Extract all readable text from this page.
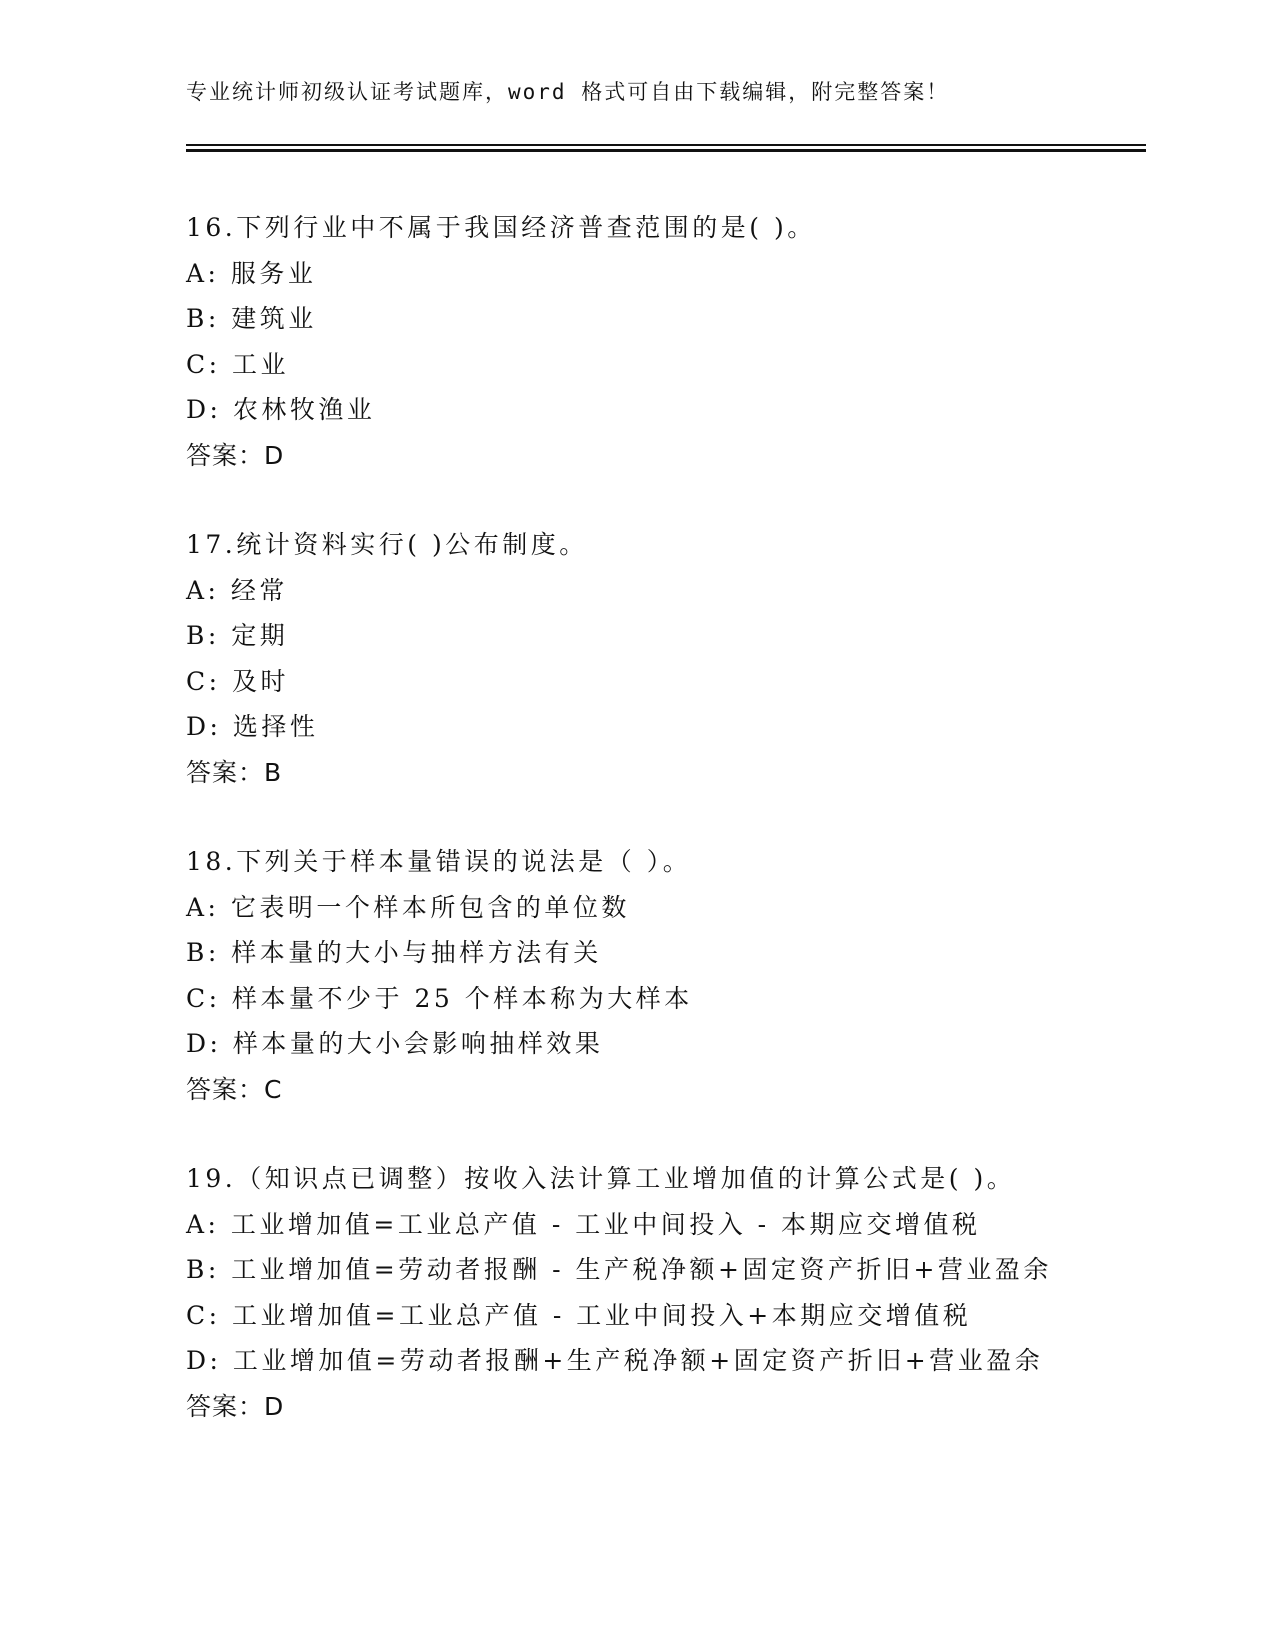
专业统计师初级认证考试题库，word 格式可自由下载编辑，附完整答案！
16.下列行业中不属于我国经济普查范围的是( )。
A: 服务业
B: 建筑业
C: 工业
D: 农林牧渔业
答案：D
17.统计资料实行( )公布制度。
A: 经常
B: 定期
C: 及时
D: 选择性
答案：B
18.下列关于样本量错误的说法是（ ）。
A: 它表明一个样本所包含的单位数
B: 样本量的大小与抽样方法有关
C: 样本量不少于 25 个样本称为大样本
D: 样本量的大小会影响抽样效果
答案：C
19.（知识点已调整）按收入法计算工业增加值的计算公式是( )。
A: 工业增加值=工业总产值 - 工业中间投入 - 本期应交增值税
B: 工业增加值=劳动者报酬 - 生产税净额+固定资产折旧+营业盈余
C: 工业增加值=工业总产值 - 工业中间投入+本期应交增值税
D: 工业增加值=劳动者报酬+生产税净额+固定资产折旧+营业盈余
答案：D
